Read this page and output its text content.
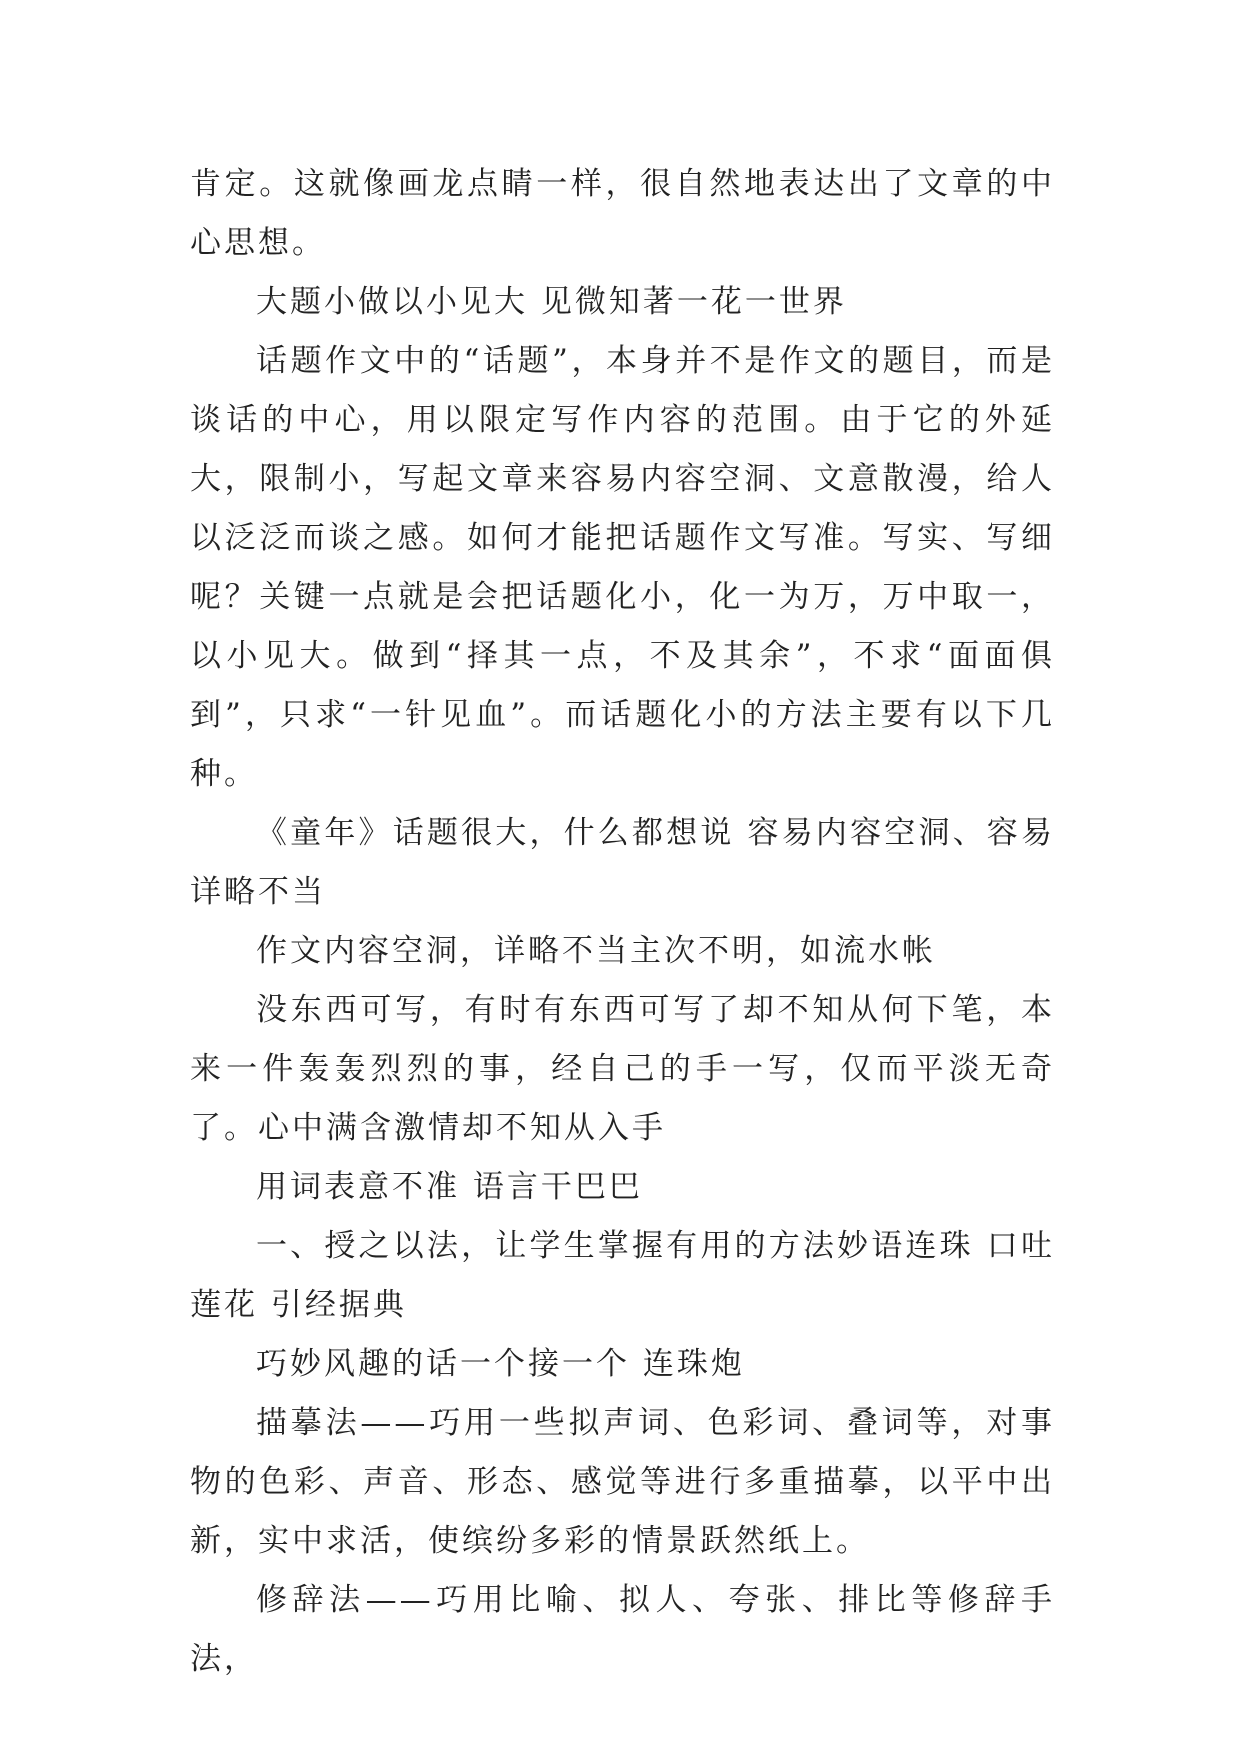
肯定。这就像画龙点睛一样，很自然地表达出了文章的中心思想。

大题小做以小见大 见微知著一花一世界

话题作文中的“话题”，本身并不是作文的题目，而是谈话的中心，用以限定写作内容的范围。由于它的外延大，限制小，写起文章来容易内容空洞、文意散漫，给人以泛泛而谈之感。如何才能把话题作文写准。写实、写细呢？关键一点就是会把话题化小，化一为万，万中取一，以小见大。做到“择其一点，不及其余”，不求“面面俱到”，只求“一针见血”。而话题化小的方法主要有以下几种。

《童年》话题很大，什么都想说 容易内容空洞、容易详略不当

作文内容空洞，详略不当主次不明，如流水帐

没东西可写，有时有东西可写了却不知从何下笔，本来一件轰轰烈烈的事，经自己的手一写，仅而平淡无奇了。心中满含激情却不知从入手

用词表意不准 语言干巴巴

一、授之以法，让学生掌握有用的方法妙语连珠 口吐莲花 引经据典

巧妙风趣的话一个接一个 连珠炮

描摹法——巧用一些拟声词、色彩词、叠词等，对事物的色彩、声音、形态、感觉等进行多重描摹，以平中出新，实中求活，使缤纷多彩的情景跃然纸上。

修辞法——巧用比喻、拟人、夸张、排比等修辞手法，
